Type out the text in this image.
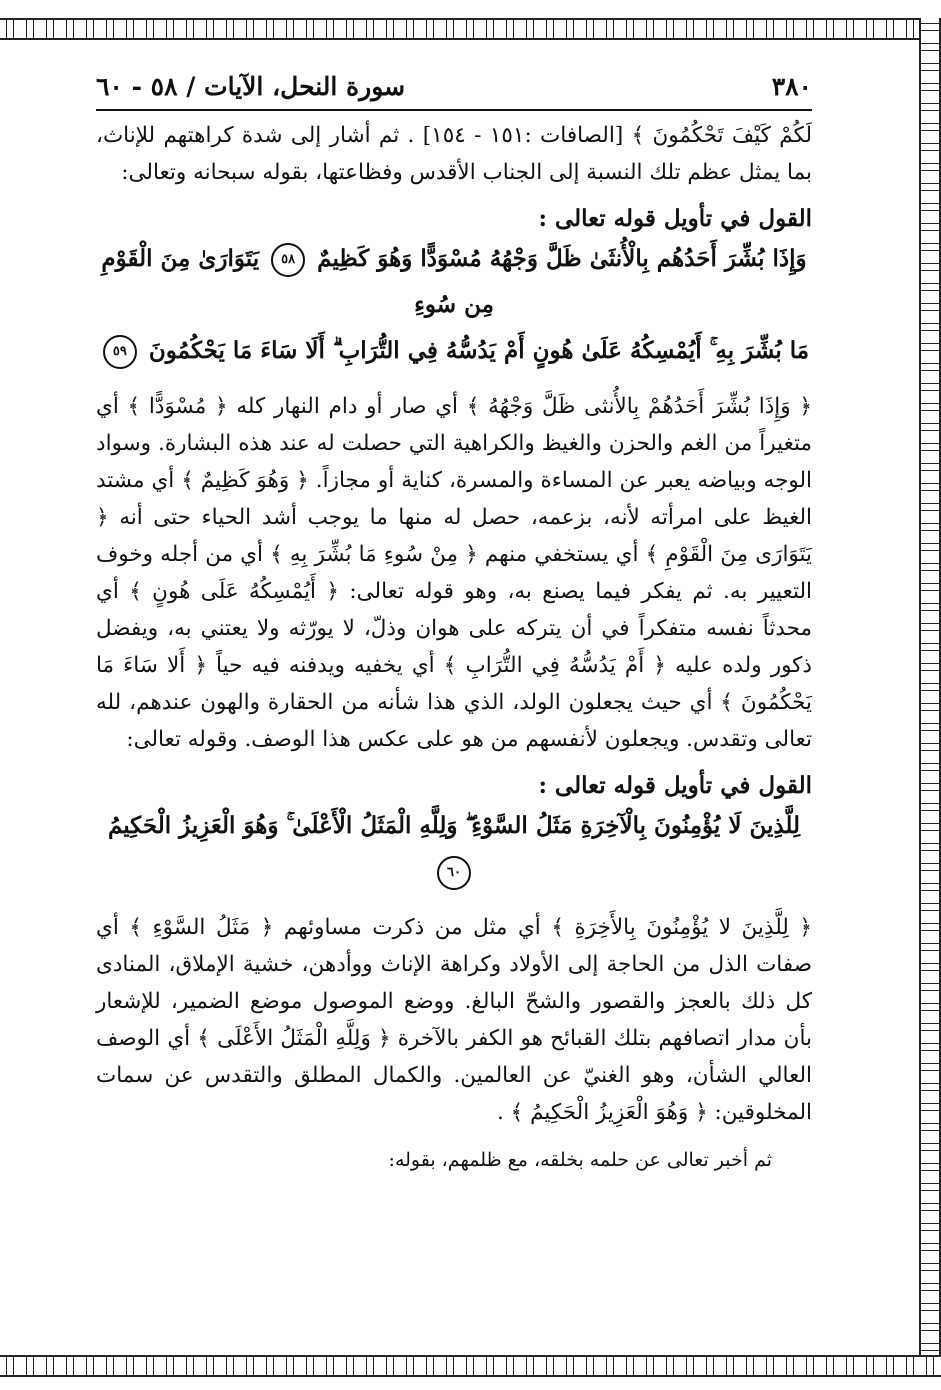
٣٨٠
سورة النحل، الآيات / ٥٨ - ٦٠

لَكُمْ كَيْفَ تَحْكُمُونَ ﴾ [الصافات :١٥١ - ١٥٤] . ثم أشار إلى شدة كراهتهم للإناث، بما يمثل عظم تلك النسبة إلى الجناب الأقدس وفظاعتها، بقوله سبحانه وتعالى:

القول في تأويل قوله تعالى :
وَإِذَا بُشِّرَ أَحَدُهُم بِالْأُنثَىٰ ظَلَّ وَجْهُهُ مُسْوَدًّا وَهُوَ كَظِيمٌ ٥٨ يَتَوَارَىٰ مِنَ الْقَوْمِ مِن سُوءِ
مَا بُشِّرَ بِهِ ۚ أَيُمْسِكُهُ عَلَىٰ هُونٍ أَمْ يَدُسُّهُ فِي التُّرَابِ ۗ أَلَا سَاءَ مَا يَحْكُمُونَ ٥٩

﴿ وَإِذَا بُشِّرَ أَحَدُهُمْ بِالأُنثى ظَلَّ وَجْهُهُ ﴾ أي صار أو دام النهار كله ﴿ مُسْوَدًّا ﴾ أي متغيراً من الغم والحزن والغيظ والكراهية التي حصلت له عند هذه البشارة. وسواد الوجه وبياضه يعبر عن المساءة والمسرة، كناية أو مجازاً. ﴿ وَهُوَ كَظِيمٌ ﴾ أي مشتد الغيظ على امرأته لأنه، بزعمه، حصل له منها ما يوجب أشد الحياء حتى أنه ﴿ يَتَوَارَى مِنَ الْقَوْمِ ﴾ أي يستخفي منهم ﴿ مِنْ سُوءِ مَا بُشِّرَ بِهِ ﴾ أي من أجله وخوف التعيير به. ثم يفكر فيما يصنع به، وهو قوله تعالى: ﴿ أَيُمْسِكُهُ عَلَى هُونٍ ﴾ أي محدثاً نفسه متفكراً في أن يتركه على هوان وذلّ، لا يورّثه ولا يعتني به، ويفضل ذكور ولده عليه ﴿ أَمْ يَدُسُّهُ فِي التُّرَابِ ﴾ أي يخفيه ويدفنه فيه حياً ﴿ أَلا سَاءَ مَا يَحْكُمُونَ ﴾ أي حيث يجعلون الولد، الذي هذا شأنه من الحقارة والهون عندهم، لله تعالى وتقدس. ويجعلون لأنفسهم من هو على عكس هذا الوصف. وقوله تعالى:

القول في تأويل قوله تعالى :
لِلَّذِينَ لَا يُؤْمِنُونَ بِالْآخِرَةِ مَثَلُ السَّوْءِ ۖ وَلِلَّهِ الْمَثَلُ الْأَعْلَىٰ ۚ وَهُوَ الْعَزِيزُ الْحَكِيمُ ٦٠

﴿ لِلَّذِينَ لا يُؤْمِنُونَ بِالأَخِرَةِ ﴾ أي مثل من ذكرت مساوئهم ﴿ مَثَلُ السَّوْءِ ﴾ أي صفات الذل من الحاجة إلى الأولاد وكراهة الإناث ووأدهن، خشية الإملاق، المنادى كل ذلك بالعجز والقصور والشحّ البالغ. ووضع الموصول موضع الضمير، للإشعار بأن مدار اتصافهم بتلك القبائح هو الكفر بالآخرة ﴿ وَلِلَّهِ الْمَثَلُ الأَعْلَى ﴾ أي الوصف العالي الشأن، وهو الغنيّ عن العالمين. والكمال المطلق والتقدس عن سمات المخلوقين: ﴿ وَهُوَ الْعَزِيزُ الْحَكِيمُ ﴾ .

ثم أخبر تعالى عن حلمه بخلقه، مع ظلمهم، بقوله:
